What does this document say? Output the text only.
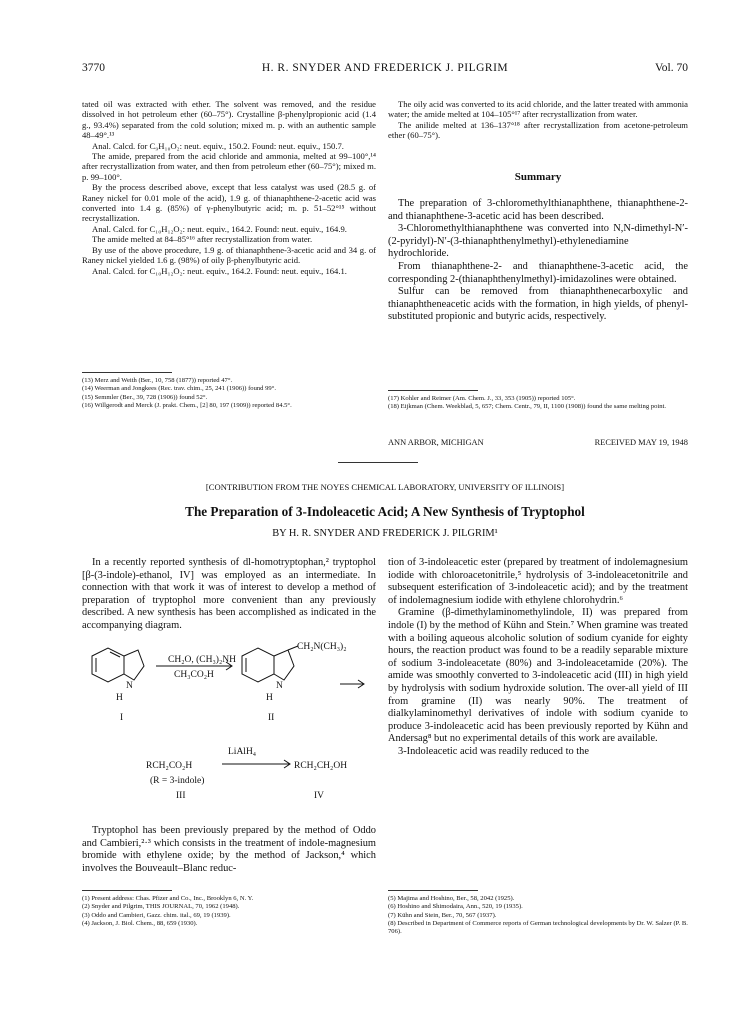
3770	H. R. SNYDER AND FREDERICK J. PILGRIM	Vol. 70

tated oil was extracted with ether. The solvent was removed, and the residue dissolved in hot petroleum ether (60–75°). Crystalline β-phenylpropionic acid (1.4 g., 93.4%) separated from the cold solution; mixed m. p. with an authentic sample 48–49°.¹³

Anal. Calcd. for C₉H₁₀O₂: neut. equiv., 150.2. Found: neut. equiv., 150.7.

The amide, prepared from the acid chloride and ammonia, melted at 99–100°,¹⁴ after recrystallization from water, and then from petroleum ether (60–75°); mixed m. p. 99–100°.

By the process described above, except that less catalyst was used (28.5 g. of Raney nickel for 0.01 mole of the acid), 1.9 g. of thianaphthene-2-acetic acid was converted into 1.4 g. (85%) of γ-phenylbutyric acid; m. p. 51–52°¹⁵ without recrystallization.

Anal. Calcd. for C₁₀H₁₂O₂: neut. equiv., 164.2. Found: neut. equiv., 164.9.

The amide melted at 84–85°¹⁶ after recrystallization from water.

By use of the above procedure, 1.9 g. of thianaphthene-3-acetic acid and 34 g. of Raney nickel yielded 1.6 g. (98%) of oily β-phenylbutyric acid.

Anal. Calcd. for C₁₀H₁₂O₂: neut. equiv., 164.2. Found: neut. equiv., 164.1.

(13) Merz and Weith (Ber., 10, 758 (1877)) reported 47°.

(14) Weerman and Jongkees (Rec. trav. chim., 25, 241 (1906)) found 99°.

(15) Semmler (Ber., 39, 728 (1906)) found 52°.

(16) Willgerodt and Merck (J. prakt. Chem., [2] 80, 197 (1909)) reported 84.5°.

The oily acid was converted to its acid chloride, and the latter treated with ammonia water; the amide melted at 104–105°¹⁷ after recrystallization from water.

The anilide melted at 136–137°¹⁸ after recrystallization from acetone-petroleum ether (60–75°).

Summary

The preparation of 3-chloromethylthianaphthene, thianaphthene-2- and thianaphthene-3-acetic acid has been described.

3-Chloromethylthianaphthene was converted into N,N-dimethyl-N′-(2-pyridyl)-N′-(3-thianaphthenylmethyl)-ethylenediamine hydrochloride.

From thianaphthene-2- and thianaphthene-3-acetic acid, the corresponding 2-(thianaphthenylmethyl)-imidazolines were obtained.

Sulfur can be removed from thianaphthenecarboxylic and thianaphtheneacetic acids with the formation, in high yields, of phenyl-substituted propionic and butyric acids, respectively.

(17) Kohler and Reimer (Am. Chem. J., 33, 353 (1905)) reported 105°.

(18) Eijkman (Chem. Weekblad, 5, 657; Chem. Centr., 79, II, 1100 (1908)) found the same melting point.

ANN ARBOR, MICHIGAN	RECEIVED MAY 19, 1948
[CONTRIBUTION FROM THE NOYES CHEMICAL LABORATORY, UNIVERSITY OF ILLINOIS]
The Preparation of 3-Indoleacetic Acid; A New Synthesis of Tryptophol
BY H. R. SNYDER AND FREDERICK J. PILGRIM¹

In a recently reported synthesis of dl-homotryptophan,² tryptophol [β-(3-indole)-ethanol, IV] was employed as an intermediate. In connection with that work it was of interest to develop a method of preparation of tryptophol more convenient than any previously described. A new synthesis has been accomplished as indicated in the accompanying diagram.

CH₂O, (CH₃)₂NH
CH₃CO₂H
N
H
I
N
H
II
CH₂N(CH₃)₂
LiAlH₄
RCH₂CO₂H	RCH₂CH₂OH
(R = 3-indole)
III	IV

Tryptophol has been previously prepared by the method of Oddo and Cambieri,²·³ which consists in the treatment of indole-magnesium bromide with ethylene oxide; by the method of Jackson,⁴ which involves the Bouveault–Blanc reduc-

(1) Present address: Chas. Pfizer and Co., Inc., Brooklyn 6, N. Y.

(2) Snyder and Pilgrim, THIS JOURNAL, 70, 1962 (1948).

(3) Oddo and Cambieri, Gazz. chim. ital., 69, 19 (1939).

(4) Jackson, J. Biol. Chem., 88, 659 (1930).

tion of 3-indoleacetic ester (prepared by treatment of indolemagnesium iodide with chloroacetonitrile,⁵ hydrolysis of 3-indoleacetonitrile and subsequent esterification of 3-indoleacetic acid); and by the treatment of indolemagnesium iodide with ethylene chlorohydrin.⁶

Gramine (β-dimethylaminomethylindole, II) was prepared from indole (I) by the method of Kühn and Stein.⁷ When gramine was treated with a boiling aqueous alcoholic solution of sodium cyanide for eighty hours, the reaction product was found to be a readily separable mixture of sodium 3-indoleacetate (80%) and 3-indoleacetamide (20%). The amide was smoothly converted to 3-indoleacetic acid (III) in high yield by hydrolysis with sodium hydroxide solution. The over-all yield of III from gramine (II) was nearly 90%. The treatment of dialkylaminomethyl derivatives of indole with sodium cyanide to produce 3-indoleacetic acid has been previously reported by Kühn and Andersag⁸ but no experimental details of this work are available.

3-Indoleacetic acid was readily reduced to the

(5) Majima and Hoshino, Ber., 58, 2042 (1925).

(6) Hoshino and Shimodaira, Ann., 520, 19 (1935).

(7) Kühn and Stein, Ber., 70, 567 (1937).

(8) Described in Department of Commerce reports of German technological developments by Dr. W. Salzer (P. B. 706).
